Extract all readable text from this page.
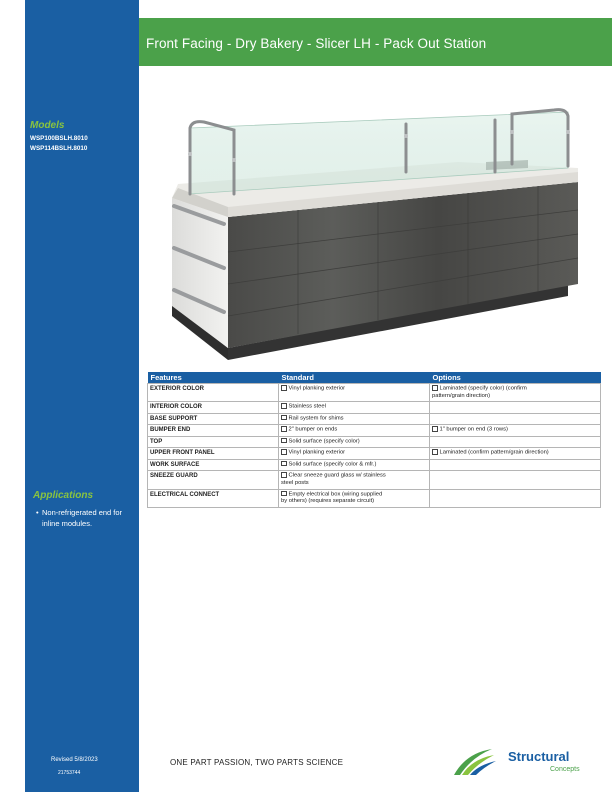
Front Facing - Dry Bakery - Slicer LH - Pack Out Station
Models
WSP100BSLH.8010
WSP114BSLH.8010
Applications
• Non-refrigerated end for inline modules.
Revised 5/8/2023
21753744
Features	Standard	Options
EXTERIOR COLOR	Vinyl planking exterior	Laminated (specify color) (confirm
pattern/grain direction)
INTERIOR COLOR	Stainless steel	
BASE SUPPORT	Rail system for shims	
BUMPER END	2" bumper on ends	1" bumper on end (3 rows)
TOP	Solid surface (specify color)	
UPPER FRONT PANEL	Vinyl planking exterior	Laminated (confirm pattern/grain direction)
WORK SURFACE	Solid surface (specify color & mfr.)	
SNEEZE GUARD	Clear sneeze guard glass w/ stainless
steel posts	
ELECTRICAL CONNECT	Empty electrical box (wiring supplied
by others) (requires separate circuit)	
ONE PART PASSION, TWO PARTS SCIENCE	Structural
Concepts
